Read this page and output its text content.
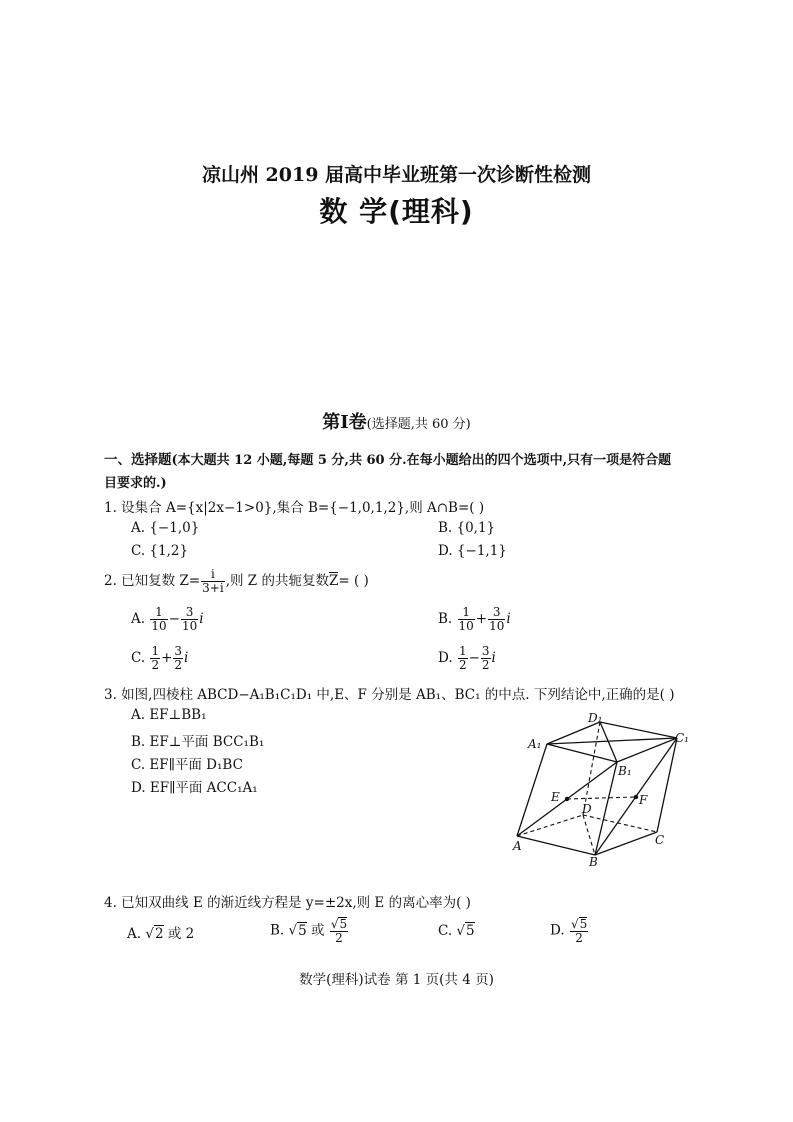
凉山州 2019 届高中毕业班第一次诊断性检测
数 学(理科)
第Ⅰ卷(选择题,共 60 分)
一、选择题(本大题共 12 小题,每题 5 分,共 60 分.在每小题给出的四个选项中,只有一项是符合题
目要求的.)
1. 设集合 A={x|2x−1>0},集合 B={−1,0,1,2},则 A∩B=( )
A. {−1,0}	B. {0,1}
C. {1,2}	D. {−1,1}
2. 已知复数 $Z= \frac{i}{3+i}$ ,则 Z 的共轭复数Z= ( )
A. $\frac{1}{10} - \frac{3}{10}$ i	B. $\frac{1}{10} + \frac{3}{10}$ i
C. $\frac{1}{2} + \frac{3}{2}$ i	D. $\frac{1}{2} - \frac{3}{2}$ i
3. 如图,四棱柱 ABCD−A₁B₁C₁D₁ 中,E、F 分别是 AB₁、BC₁ 的中点. 下列结论中,正确的是( )
A. EF⊥BB₁
B. EF⊥平面 BCC₁B₁
C. EF∥平面 D₁BC
D. EF∥平面 ACC₁A₁
D₁
A₁	C₁
B₁
E	F
D
A
B
C
4. 已知双曲线 E 的渐近线方程是 y=±2x,则 E 的离心率为( )
A. √2 或 2	B. √5 或 $\frac{√5}{2}$	C. √5	D. $\frac{√5}{2}$
数学(理科)试卷 第 1 页(共 4 页)
